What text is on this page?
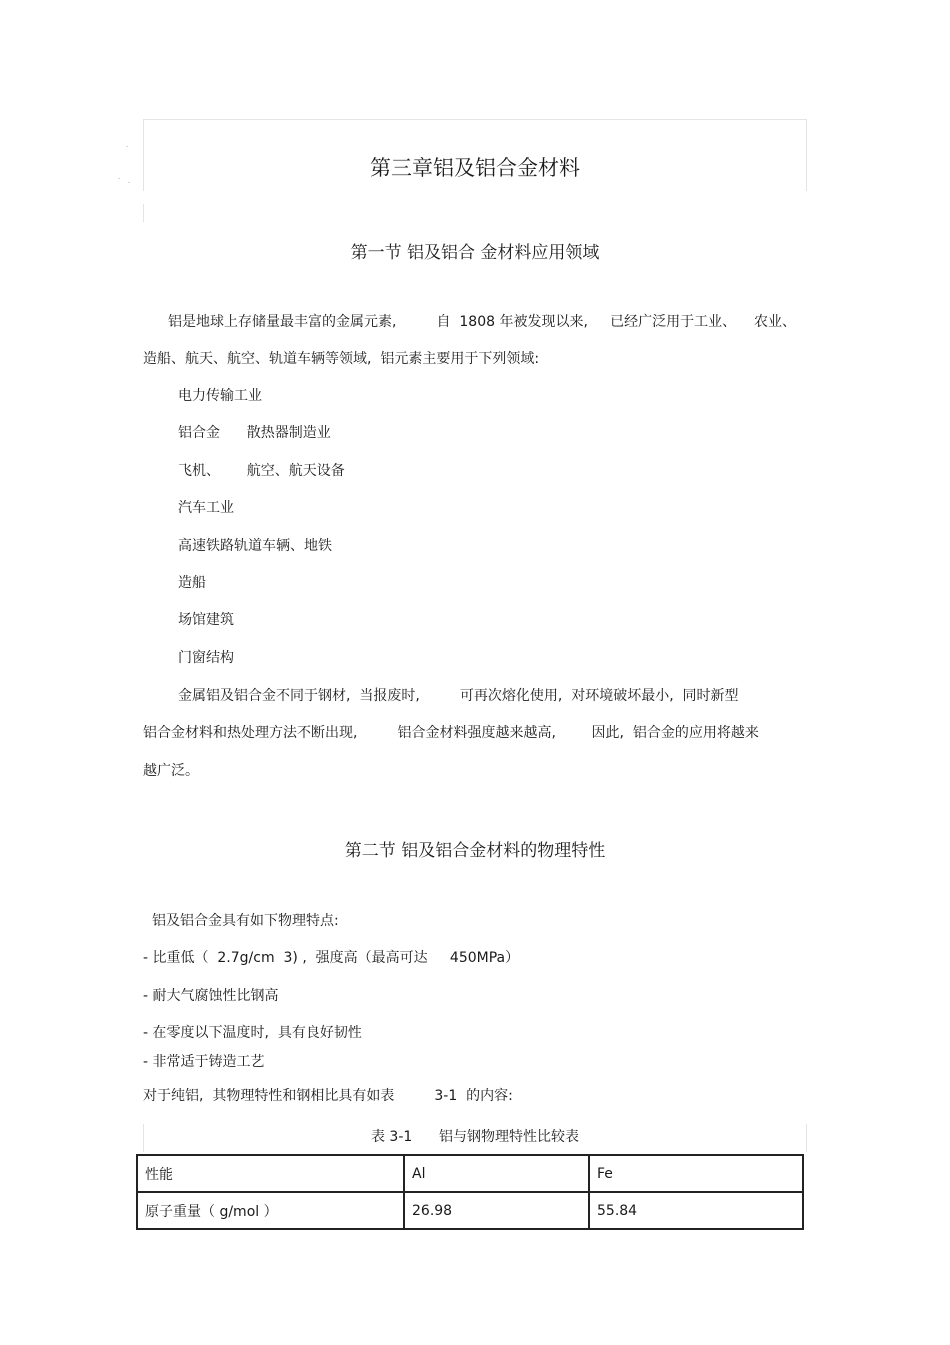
第三章铝及铝合金材料
第一节 铝及铝合 金材料应用领域
铝是地球上存储量最丰富的金属元素,         自  1808 年被发现以来,     已经广泛用于工业、    农业、
造船、航天、航空、轨道车辆等领域,  铝元素主要用于下列领域:
电力传输工业
铝合金      散热器制造业
飞机、      航空、航天设备
汽车工业
高速铁路轨道车辆、地铁
造船
场馆建筑
门窗结构
金属铝及铝合金不同于钢材,  当报废时,         可再次熔化使用,  对环境破坏最小,  同时新型
铝合金材料和热处理方法不断出现,         铝合金材料强度越来越高,        因此,  铝合金的应用将越来
越广泛。
第二节 铝及铝合金材料的物理特性
铝及铝合金具有如下物理特点:
- 比重低（  2.7g/cm  3) ,  强度高（最高可达     450MPa）
- 耐大气腐蚀性比钢高
- 在零度以下温度时,  具有良好韧性
- 非常适于铸造工艺
对于纯铝,  其物理特性和钢相比具有如表         3-1  的内容:
表 3-1      铝与钢物理特性比较表
性能	Al	Fe
原子重量（ g/mol ）	26.98	55.84
